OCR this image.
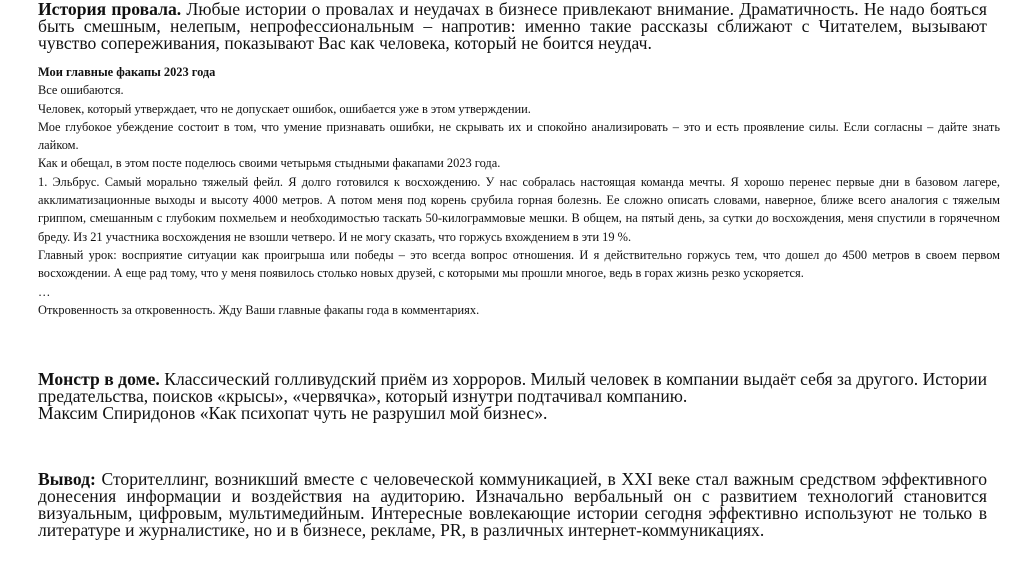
История провала. Любые истории о провалах и неудачах в бизнесе привлекают внимание. Драматичность. Не надо бояться быть смешным, нелепым, непрофессиональным – напротив: именно такие рассказы сближают с Читателем, вызывают чувство сопереживания, показывают Вас как человека, который не боится неудач.

Мои главные факапы 2023 года

Все ошибаются.

Человек, который утверждает, что не допускает ошибок, ошибается уже в этом утверждении.

Мое глубокое убеждение состоит в том, что умение признавать ошибки, не скрывать их и спокойно анализировать – это и есть проявление силы. Если согласны – дайте знать лайком.

Как и обещал, в этом посте поделюсь своими четырьмя стыдными факапами 2023 года.

1. Эльбрус. Самый морально тяжелый фейл. Я долго готовился к восхождению. У нас собралась настоящая команда мечты. Я хорошо перенес первые дни в базовом лагере, акклиматизационные выходы и высоту 4000 метров. А потом меня под корень срубила горная болезнь. Ее сложно описать словами, наверное, ближе всего аналогия с тяжелым гриппом, смешанным с глубоким похмельем и необходимостью таскать 50-килограммовые мешки. В общем, на пятый день, за сутки до восхождения, меня спустили в горячечном бреду. Из 21 участника восхождения не взошли четверо. И не могу сказать, что горжусь вхождением в эти 19 %.

Главный урок: восприятие ситуации как проигрыша или победы – это всегда вопрос отношения. И я действительно горжусь тем, что дошел до 4500 метров в своем первом восхождении. А еще рад тому, что у меня появилось столько новых друзей, с которыми мы прошли многое, ведь в горах жизнь резко ускоряется.

…

Откровенность за откровенность. Жду Ваши главные факапы года в комментариях.

Монстр в доме. Классический голливудский приём из хорроров. Милый человек в компании выдаёт себя за другого. Истории предательства, поисков «крысы», «червячка», который изнутри подтачивал компанию.

Максим Спиридонов «Как психопат чуть не разрушил мой бизнес».

Вывод: Сторителлинг, возникший вместе с человеческой коммуникацией, в XXI веке стал важным средством эффективного донесения информации и воздействия на аудиторию. Изначально вербальный он с развитием технологий становится визуальным, цифровым, мультимедийным. Интересные вовлекающие истории сегодня эффективно используют не только в литературе и журналистике, но и в бизнесе, рекламе, PR, в различных интернет-коммуникациях.
